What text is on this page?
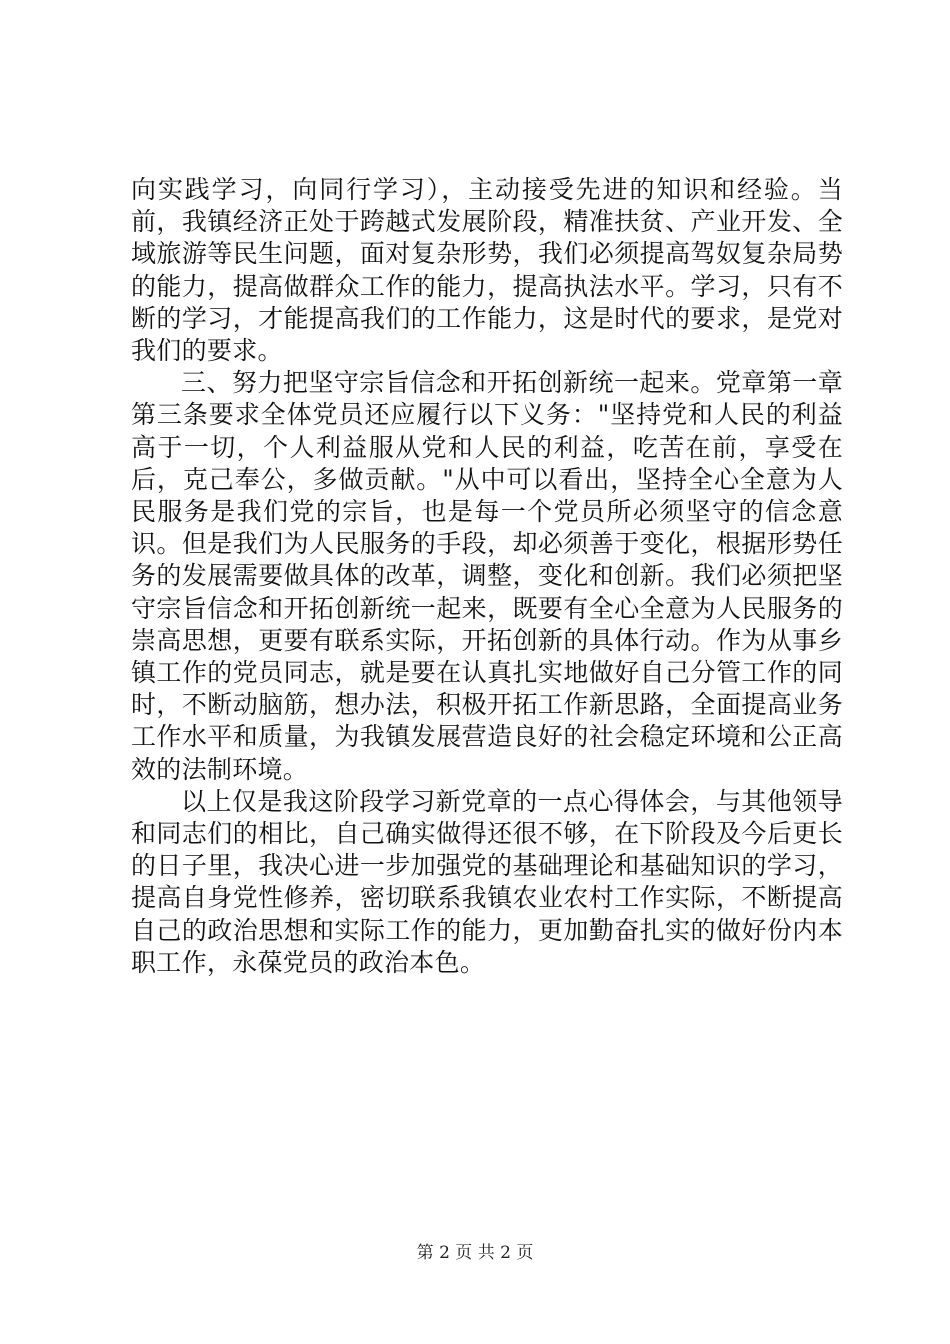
向实践学习，向同行学习），主动接受先进的知识和经验。当前，我镇经济正处于跨越式发展阶段，精准扶贫、产业开发、全域旅游等民生问题，面对复杂形势，我们必须提高驾奴复杂局势的能力，提高做群众工作的能力，提高执法水平。学习，只有不断的学习，才能提高我们的工作能力，这是时代的要求，是党对我们的要求。

三、努力把坚守宗旨信念和开拓创新统一起来。党章第一章第三条要求全体党员还应履行以下义务："坚持党和人民的利益高于一切，个人利益服从党和人民的利益，吃苦在前，享受在后，克己奉公，多做贡献。"从中可以看出，坚持全心全意为人民服务是我们党的宗旨，也是每一个党员所必须坚守的信念意识。但是我们为人民服务的手段，却必须善于变化，根据形势任务的发展需要做具体的改革，调整，变化和创新。我们必须把坚守宗旨信念和开拓创新统一起来，既要有全心全意为人民服务的崇高思想，更要有联系实际，开拓创新的具体行动。作为从事乡镇工作的党员同志，就是要在认真扎实地做好自己分管工作的同时，不断动脑筋，想办法，积极开拓工作新思路，全面提高业务工作水平和质量，为我镇发展营造良好的社会稳定环境和公正高效的法制环境。

以上仅是我这阶段学习新党章的一点心得体会，与其他领导和同志们的相比，自己确实做得还很不够，在下阶段及今后更长的日子里，我决心进一步加强党的基础理论和基础知识的学习，提高自身党性修养，密切联系我镇农业农村工作实际，不断提高自己的政治思想和实际工作的能力，更加勤奋扎实的做好份内本职工作，永葆党员的政治本色。

第 2 页 共 2 页
